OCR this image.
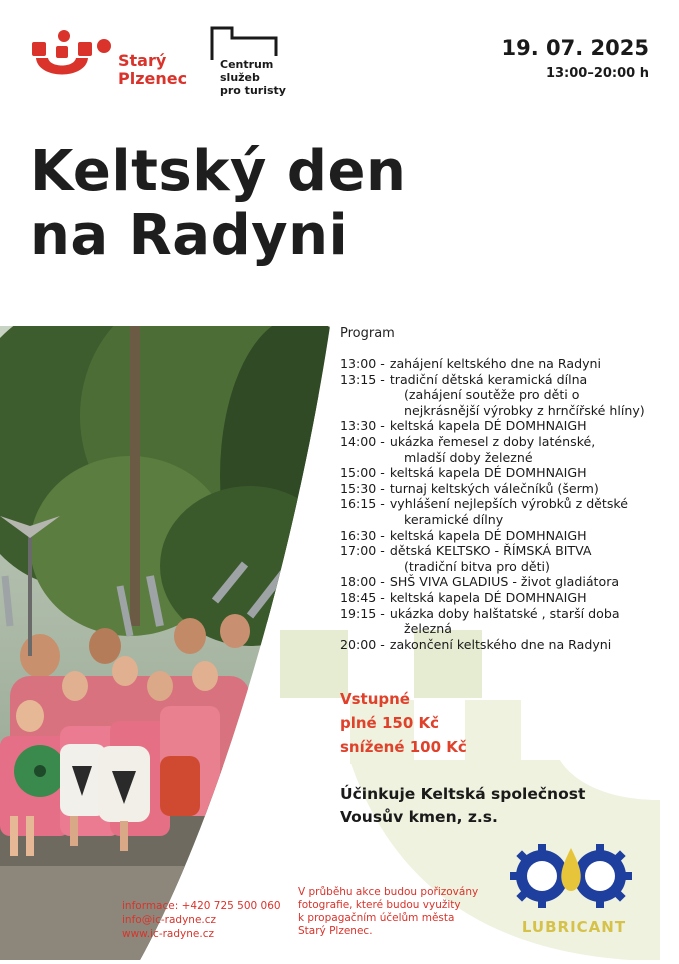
Starý
Plzenec
Centrum
služeb
pro turisty
19. 07. 2025
13:00–20:00 h
Keltský den
na Radyni
Program
13:00 - zahájení keltského dne na Radyni
13:15 - tradiční dětská keramická dílna
(zahájení soutěže pro děti o
nejkrásnější výrobky z hrnčířské hlíny)
13:30 - keltská kapela DÉ DOMHNAIGH
14:00 - ukázka řemesel z doby laténské,
mladší doby železné
15:00 - keltská kapela DÉ DOMHNAIGH
15:30 - turnaj keltských válečníků (šerm)
16:15 - vyhlášení nejlepších výrobků z dětské
keramické dílny
16:30 - keltská kapela DÉ DOMHNAIGH
17:00 - dětská KELTSKO - ŘÍMSKÁ BITVA
(tradiční bitva pro děti)
18:00 - SHŠ VIVA GLADIUS - život gladiátora
18:45 - keltská kapela DÉ DOMHNAIGH
19:15 - ukázka doby halštatské , starší doba
železná
20:00 - zakončení keltského dne na Radyni
Vstupné
plné 150 Kč
snížené 100 Kč
Účinkuje Keltská společnost
Vousův kmen, z.s.
informace: +420 725 500 060
info@ic-radyne.cz
www.ic-radyne.cz
V průběhu akce budou pořizovány
fotografie, které budou využity
k propagačním účelům města
Starý Plzenec.	LUBRICANT
